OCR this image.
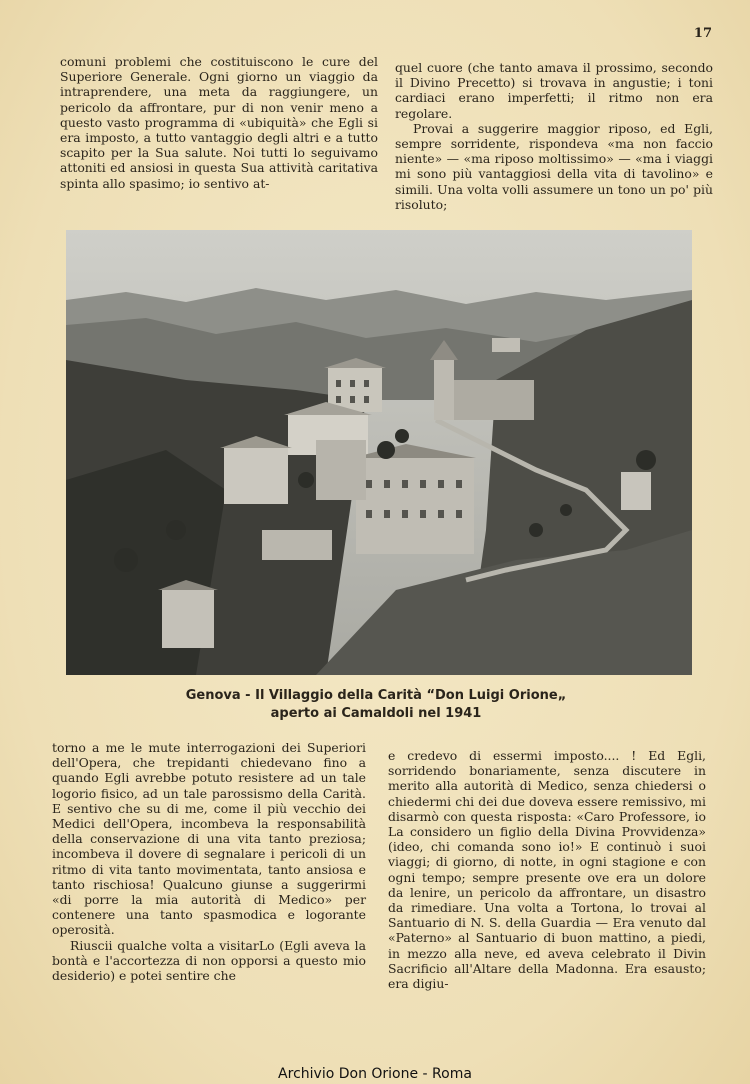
17

comuni problemi che costituiscono le cure del Superiore Generale. Ogni giorno un viaggio da intraprendere, una meta da raggiungere, un pericolo da affrontare, pur di non venir meno a questo vasto programma di «ubiquità» che Egli si era imposto, a tutto vantaggio degli altri e a tutto scapito per la Sua salute. Noi tutti lo seguivamo attoniti ed ansiosi in questa Sua attività caritativa spinta allo spasimo; io sentivo at-

quel cuore (che tanto amava il prossimo, secondo il Divino Precetto) si trovava in angustie; i toni cardiaci erano imperfetti; il ritmo non era regolare.

Provai a suggerire maggior riposo, ed Egli, sempre sorridente, rispondeva «ma non faccio niente» — «ma riposo moltissimo» — «ma i viaggi mi sono più vantaggiosi della vita di tavolino» e simili. Una volta volli assumere un tono un po' più risoluto;

Genova - Il Villaggio della Carità “Don Luigi Orione„
aperto ai Camaldoli nel 1941

torno a me le mute interrogazioni dei Superiori dell'Opera, che trepidanti chiedevano fino a quando Egli avrebbe potuto resistere ad un tale logorio fisico, ad un tale parossismo della Carità. E sentivo che su di me, come il più vecchio dei Medici dell'Opera, incombeva la responsabilità della conservazione di una vita tanto preziosa; incombeva il dovere di segnalare i pericoli di un ritmo di vita tanto movimentata, tanto ansiosa e tanto rischiosa! Qualcuno giunse a suggerirmi «di porre la mia autorità di Medico» per contenere una tanto spasmodica e logorante operosità.

Riuscii qualche volta a visitarLo (Egli aveva la bontà e l'accortezza di non opporsi a questo mio desiderio) e potei sentire che

e credevo di essermi imposto.... ! Ed Egli, sorridendo bonariamente, senza discutere in merito alla autorità di Medico, senza chiedersi o chiedermi chi dei due doveva essere remissivo, mi disarmò con questa risposta: «Caro Professore, io La considero un figlio della Divina Provvidenza» (ideo, chi comanda sono io!» E continuò i suoi viaggi; di giorno, di notte, in ogni stagione e con ogni tempo; sempre presente ove era un dolore da lenire, un pericolo da affrontare, un disastro da rimediare. Una volta a Tortona, lo trovai al Santuario di N. S. della Guardia — Era venuto dal «Paterno» al Santuario di buon mattino, a piedi, in mezzo alla neve, ed aveva celebrato il Divin Sacrificio all'Altare della Madonna. Era esausto; era digiu-

Archivio Don Orione - Roma
